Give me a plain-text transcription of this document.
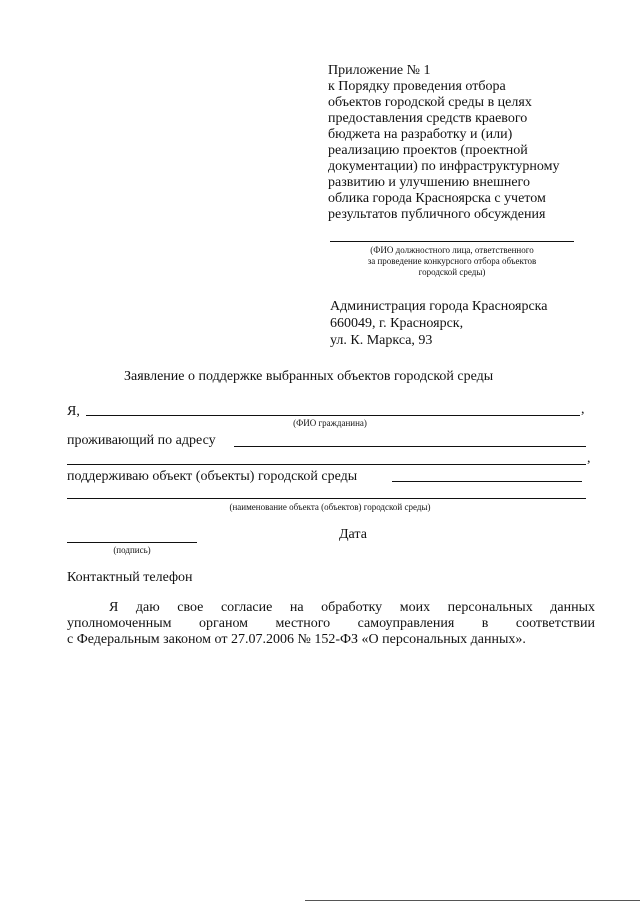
Приложение № 1
к Порядку проведения отбора
объектов городской среды в целях
предоставления средств краевого
бюджета на разработку и (или)
реализацию проектов (проектной
документации) по инфраструктурному
развитию и улучшению внешнего
облика города Красноярска с учетом
результатов публичного обсуждения
(ФИО должностного лица, ответственного
за проведение конкурсного отбора объектов
городской среды)
Администрация города Красноярска
660049, г. Красноярск,
ул. К. Маркса, 93
Заявление о поддержке выбранных объектов городской среды
Я,	,
(ФИО гражданина)
проживающий по адресу
,
поддерживаю объект (объекты) городской среды
(наименование объекта (объектов) городской среды)
(подпись)
Дата
Контактный телефон
Я даю свое согласие на обработку моих персональных данных
уполномоченным органом местного самоуправления в соответствии
с Федеральным законом от 27.07.2006 № 152-ФЗ «О персональных данных».
